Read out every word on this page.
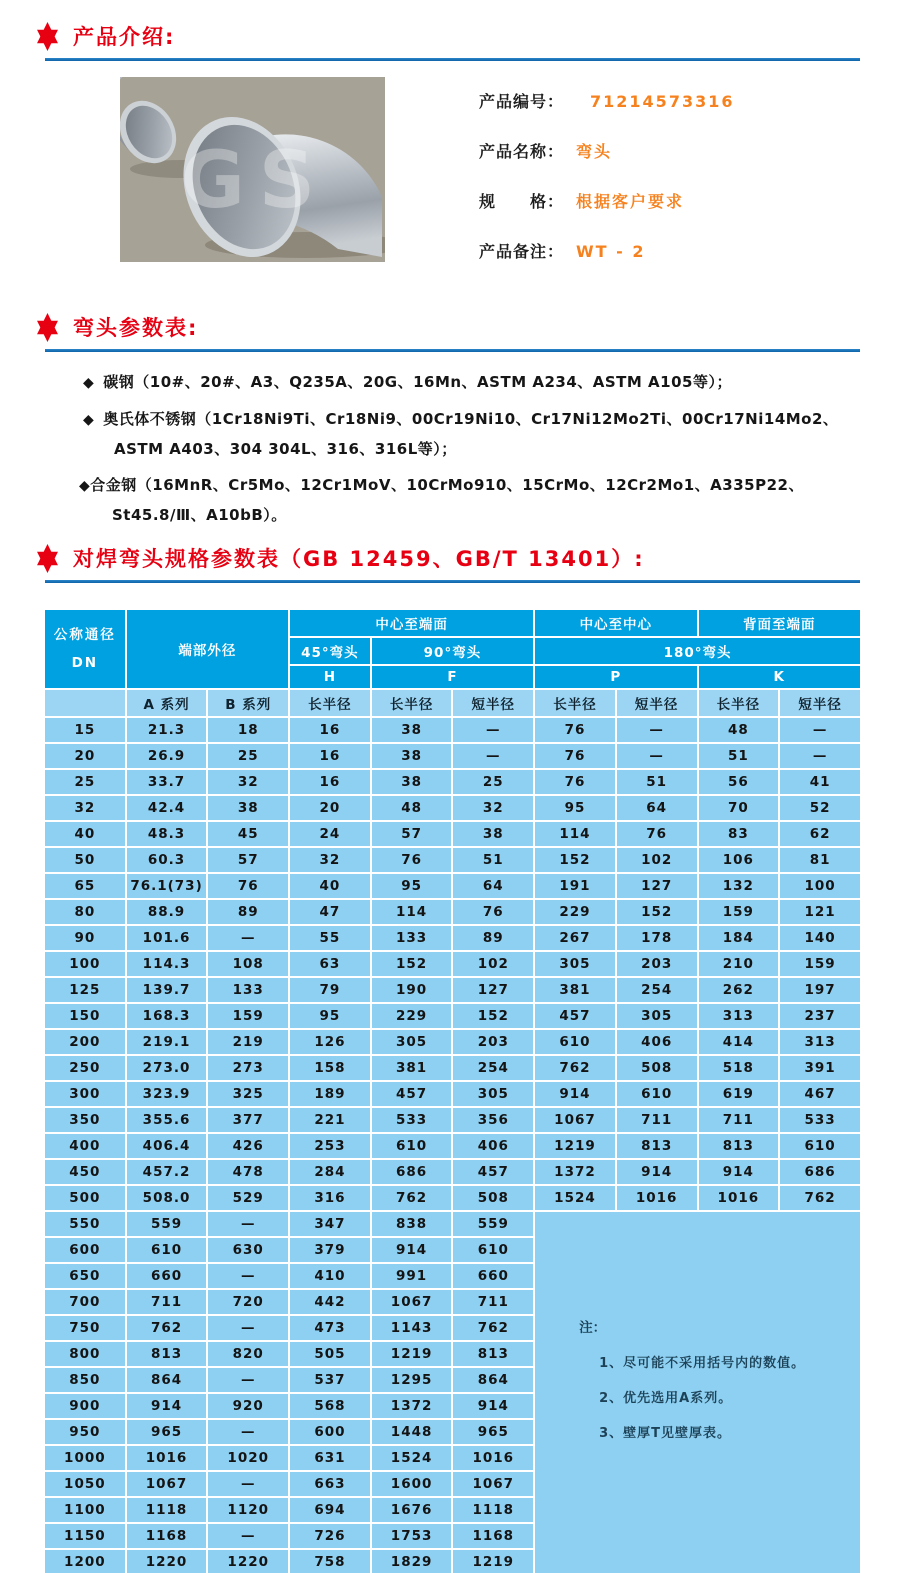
产品介绍:
GS
产品编号： 71214573316
产品名称： 弯头
规　　格： 根据客户要求
产品备注： WT - 2
弯头参数表:
◆ 碳钢（10#、20#、A3、Q235A、20G、16Mn、ASTM A234、ASTM A105等）；
◆ 奥氏体不锈钢（1Cr18Ni9Ti、Cr18Ni9、00Cr19Ni10、Cr17Ni12Mo2Ti、00Cr17Ni14Mo2、ASTM A403、304 304L、316、316L等）；
◆合金钢（16MnR、Cr5Mo、12Cr1MoV、10CrMo910、15CrMo、12Cr2Mo1、A335P22、St45.8/Ⅲ、A10bB）。
对焊弯头规格参数表（GB 12459、GB/T 13401）:
公称通径
DN	端部外径		中心至端面			中心至中心		背面至端面	
			45°弯头	90°弯头		180°弯头			
			H	F		P		K	
	A 系列	B 系列	长半径	长半径	短半径	长半径	短半径	长半径	短半径
15	21.3	18	16	38	—	76	—	48	—
20	26.9	25	16	38	—	76	—	51	—
25	33.7	32	16	38	25	76	51	56	41
32	42.4	38	20	48	32	95	64	70	52
40	48.3	45	24	57	38	114	76	83	62
50	60.3	57	32	76	51	152	102	106	81
65	76.1(73)	76	40	95	64	191	127	132	100
80	88.9	89	47	114	76	229	152	159	121
90	101.6	—	55	133	89	267	178	184	140
100	114.3	108	63	152	102	305	203	210	159
125	139.7	133	79	190	127	381	254	262	197
150	168.3	159	95	229	152	457	305	313	237
200	219.1	219	126	305	203	610	406	414	313
250	273.0	273	158	381	254	762	508	518	391
300	323.9	325	189	457	305	914	610	619	467
350	355.6	377	221	533	356	1067	711	711	533
400	406.4	426	253	610	406	1219	813	813	610
450	457.2	478	284	686	457	1372	914	914	686
500	508.0	529	316	762	508	1524	1016	1016	762
550	559	—	347	838	559	注：
1、尽可能不采用括号内的数值。
2、优先选用A系列。
3、壁厚T见壁厚表。			

600	610	630	379	914	610				
650	660	—	410	991	660				
700	711	720	442	1067	711				
750	762	—	473	1143	762				
800	813	820	505	1219	813				
850	864	—	537	1295	864				
900	914	920	568	1372	914				
950	965	—	600	1448	965				
1000	1016	1020	631	1524	1016				
1050	1067	—	663	1600	1067				
1100	1118	1120	694	1676	1118				
1150	1168	—	726	1753	1168				
1200	1220	1220	758	1829	1219				
